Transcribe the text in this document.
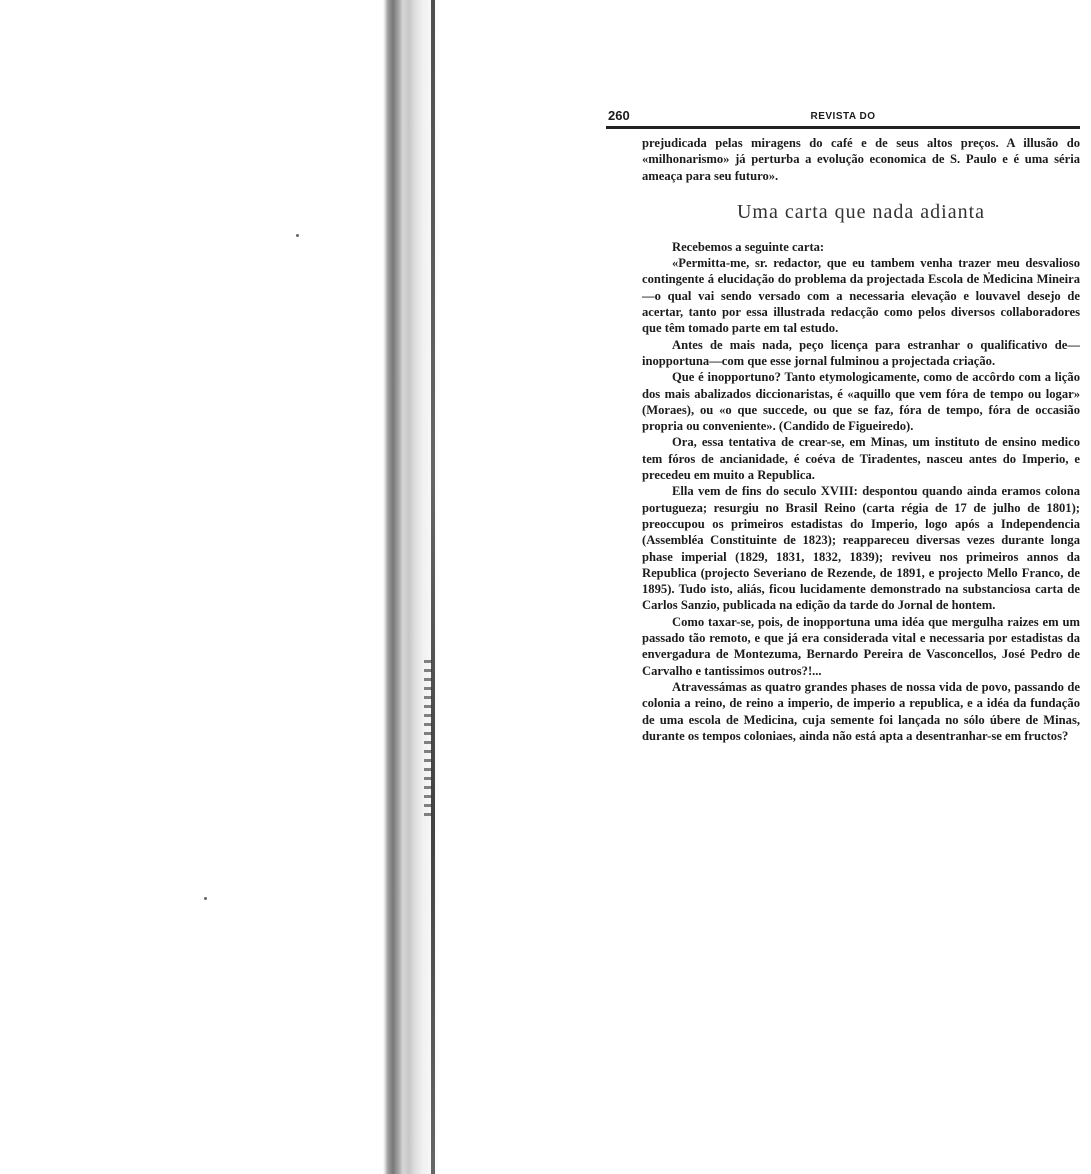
260	REVISTA DO

prejudicada pelas miragens do café e de seus altos preços. A illusão do «milhonarismo» já perturba a evolução economica de S. Paulo e é uma séria ameaça para seu futuro».

Uma carta que nada adianta

Recebemos a seguinte carta:

«Permitta-me, sr. redactor, que eu tambem venha trazer meu desvalioso contingente á elucidação do problema da projectada Escola de Medicina Mineira—o qual vai sendo versado com a necessaria elevação e louvavel desejo de acertar, tanto por essa illustrada redacção como pelos diversos collaboradores que têm tomado parte em tal estudo.

Antes de mais nada, peço licença para estranhar o qualificativo de—inopportuna—com que esse jornal fulminou a projectada criação.

Que é inopportuno? Tanto etymologicamente, como de accôrdo com a lição dos mais abalizados diccionaristas, é «aquillo que vem fóra de tempo ou logar» (Moraes), ou «o que succede, ou que se faz, fóra de tempo, fóra de occasião propria ou conveniente». (Candido de Figueiredo).

Ora, essa tentativa de crear-se, em Minas, um instituto de ensino medico tem fóros de ancianidade, é coéva de Tiradentes, nasceu antes do Imperio, e precedeu em muito a Republica.

Ella vem de fins do seculo XVIII: despontou quando ainda eramos colona portugueza; resurgiu no Brasil Reino (carta régia de 17 de julho de 1801); preoccupou os primeiros estadistas do Imperio, logo após a Independencia (Assembléa Constituinte de 1823); reappareceu diversas vezes durante longa phase imperial (1829, 1831, 1832, 1839); reviveu nos primeiros annos da Republica (projecto Severiano de Rezende, de 1891, e projecto Mello Franco, de 1895). Tudo isto, aliás, ficou lucidamente demonstrado na substanciosa carta de Carlos Sanzio, publicada na edição da tarde do Jornal de hontem.

Como taxar-se, pois, de inopportuna uma idéa que mergulha raizes em um passado tão remoto, e que já era considerada vital e necessaria por estadistas da envergadura de Montezuma, Bernardo Pereira de Vasconcellos, José Pedro de Carvalho e tantissimos outros?!...

Atravessámas as quatro grandes phases de nossa vida de povo, passando de colonia a reino, de reino a imperio, de imperio a republica, e a idéa da fundação de uma escola de Medicina, cuja semente foi lançada no sólo úbere de Minas, durante os tempos coloniaes, ainda não está apta a desentranhar-se em fructos?
